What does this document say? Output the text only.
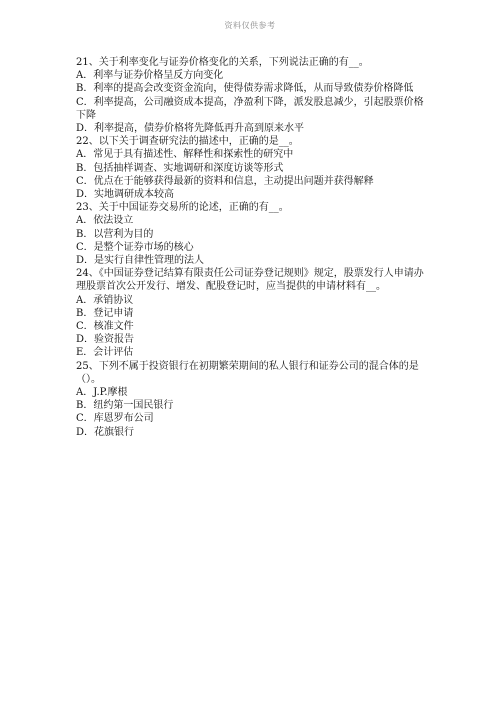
资料仅供参考
21、关于利率变化与证券价格变化的关系，下列说法正确的有__。
A．利率与证券价格呈反方向变化
B．利率的提高会改变资金流向，使得债券需求降低，从而导致债券价格降低
C．利率提高，公司融资成本提高，净盈利下降，派发股息减少，引起股票价格下降
D．利率提高，债券价格将先降低再升高到原来水平
22、以下关于调查研究法的描述中，正确的是__。
A．常见于具有描述性、解释性和探索性的研究中
B．包括抽样调查、实地调研和深度访谈等形式
C．优点在于能够获得最新的资料和信息，主动提出问题并获得解释
D．实地调研成本较高
23、关于中国证券交易所的论述，正确的有__。
A．依法设立
B．以营利为目的
C．是整个证券市场的核心
D．是实行自律性管理的法人
24、《中国证券登记结算有限责任公司证券登记规则》规定，股票发行人申请办理股票首次公开发行、增发、配股登记时，应当提供的申请材料有__。
A．承销协议
B．登记申请
C．核准文件
D．验资报告
E．会计评估
25、下列不属于投资银行在初期繁荣期间的私人银行和证券公司的混合体的是（）。
A．J.P.摩根
B．纽约第一国民银行
C．库恩罗布公司
D．花旗银行
